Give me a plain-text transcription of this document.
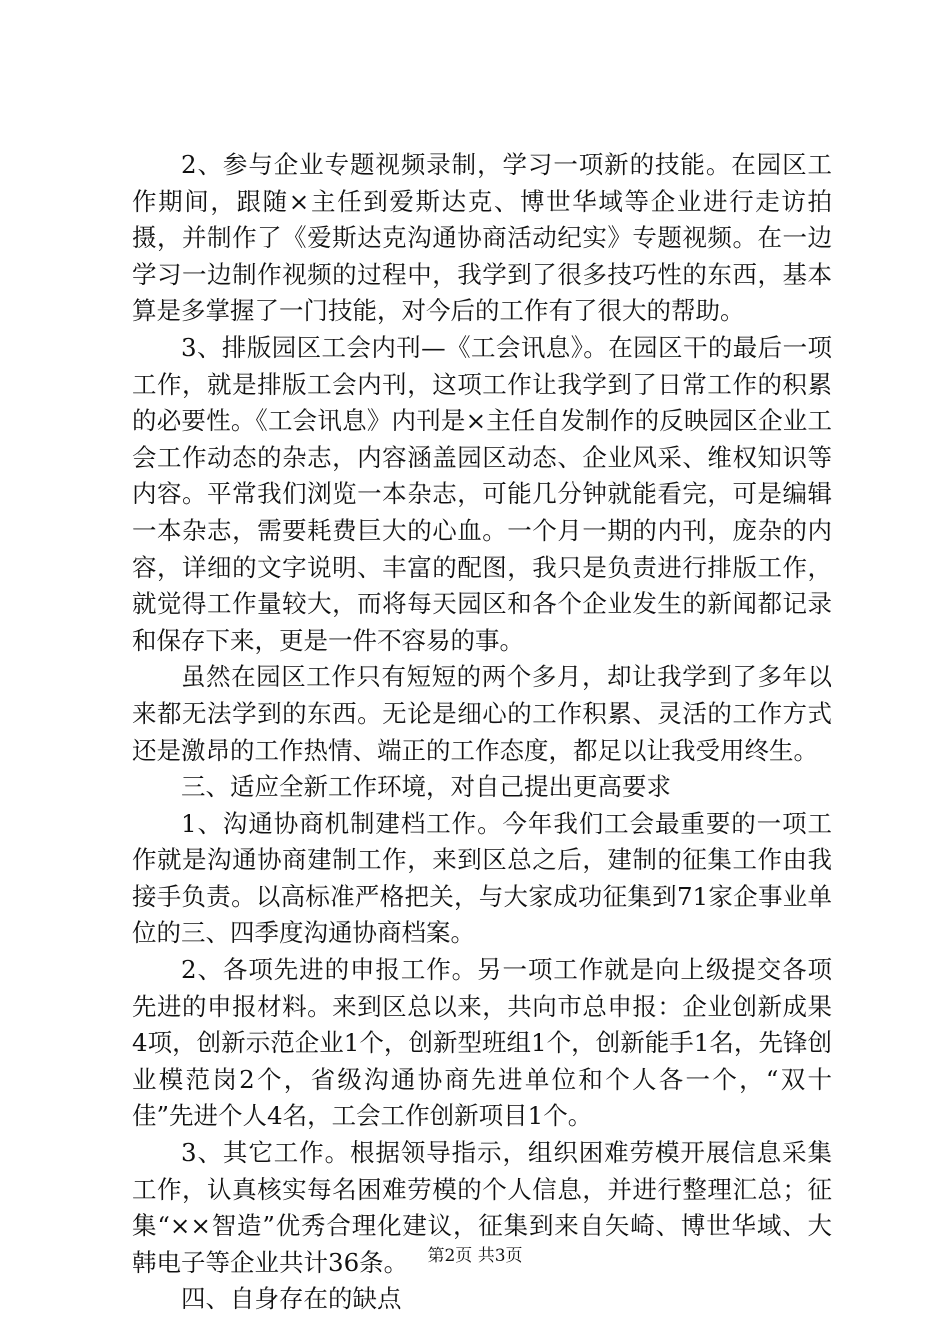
2、参与企业专题视频录制，学习一项新的技能。在园区工作期间，跟随×主任到爱斯达克、博世华域等企业进行走访拍摄，并制作了《爱斯达克沟通协商活动纪实》专题视频。在一边学习一边制作视频的过程中，我学到了很多技巧性的东西，基本算是多掌握了一门技能，对今后的工作有了很大的帮助。

3、排版园区工会内刊—《工会讯息》。在园区干的最后一项工作，就是排版工会内刊，这项工作让我学到了日常工作的积累的必要性。《工会讯息》内刊是×主任自发制作的反映园区企业工会工作动态的杂志，内容涵盖园区动态、企业风采、维权知识等内容。平常我们浏览一本杂志，可能几分钟就能看完，可是编辑一本杂志，需要耗费巨大的心血。一个月一期的内刊，庞杂的内容，详细的文字说明、丰富的配图，我只是负责进行排版工作，就觉得工作量较大，而将每天园区和各个企业发生的新闻都记录和保存下来，更是一件不容易的事。

虽然在园区工作只有短短的两个多月，却让我学到了多年以来都无法学到的东西。无论是细心的工作积累、灵活的工作方式还是激昂的工作热情、端正的工作态度，都足以让我受用终生。

三、适应全新工作环境，对自己提出更高要求

1、沟通协商机制建档工作。今年我们工会最重要的一项工作就是沟通协商建制工作，来到区总之后，建制的征集工作由我接手负责。以高标准严格把关，与大家成功征集到71家企事业单位的三、四季度沟通协商档案。

2、各项先进的申报工作。另一项工作就是向上级提交各项先进的申报材料。来到区总以来，共向市总申报：企业创新成果4项，创新示范企业1个，创新型班组1个，创新能手1名，先锋创业模范岗2个，省级沟通协商先进单位和个人各一个，“双十佳”先进个人4名，工会工作创新项目1个。

3、其它工作。根据领导指示，组织困难劳模开展信息采集工作，认真核实每名困难劳模的个人信息，并进行整理汇总；征集“××智造”优秀合理化建议，征集到来自矢崎、博世华域、大韩电子等企业共计36条。

四、自身存在的缺点

第2页 共3页
